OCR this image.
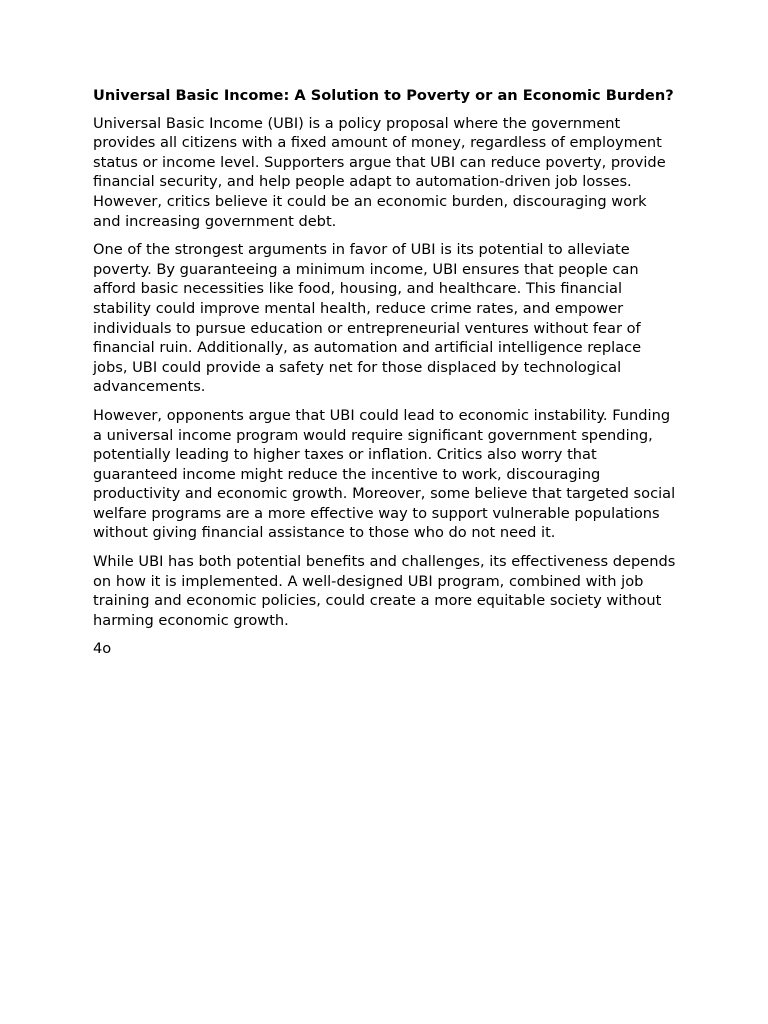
Universal Basic Income: A Solution to Poverty or an Economic Burden?

Universal Basic Income (UBI) is a policy proposal where the government provides all citizens with a fixed amount of money, regardless of employment status or income level. Supporters argue that UBI can reduce poverty, provide financial security, and help people adapt to automation-driven job losses. However, critics believe it could be an economic burden, discouraging work and increasing government debt.

One of the strongest arguments in favor of UBI is its potential to alleviate poverty. By guaranteeing a minimum income, UBI ensures that people can afford basic necessities like food, housing, and healthcare. This financial stability could improve mental health, reduce crime rates, and empower individuals to pursue education or entrepreneurial ventures without fear of financial ruin. Additionally, as automation and artificial intelligence replace jobs, UBI could provide a safety net for those displaced by technological advancements.

However, opponents argue that UBI could lead to economic instability. Funding a universal income program would require significant government spending, potentially leading to higher taxes or inflation. Critics also worry that guaranteed income might reduce the incentive to work, discouraging productivity and economic growth. Moreover, some believe that targeted social welfare programs are a more effective way to support vulnerable populations without giving financial assistance to those who do not need it.

While UBI has both potential benefits and challenges, its effectiveness depends on how it is implemented. A well-designed UBI program, combined with job training and economic policies, could create a more equitable society without harming economic growth.

4o
